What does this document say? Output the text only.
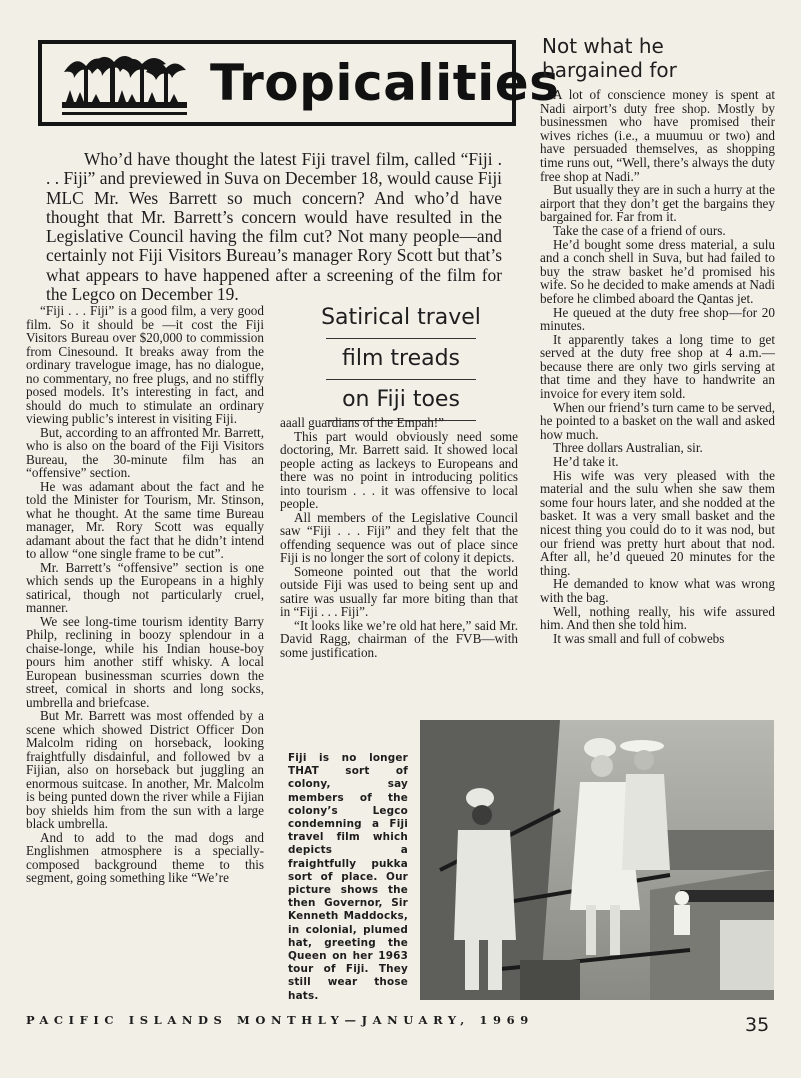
Tropicalities

Who’d have thought the latest Fiji travel film, called “Fiji . . . Fiji” and previewed in Suva on December 18, would cause Fiji MLC Mr. Wes Barrett so much concern? And who’d have thought that Mr. Barrett’s concern would have resulted in the Legislative Council having the film cut? Not many people—and certainly not Fiji Visitors Bureau’s manager Rory Scott but that’s what appears to have happened after a screening of the film for the Legco on December 19.

Not what he bargained for

A lot of conscience money is spent at Nadi airport’s duty free shop. Mostly by businessmen who have promised their wives riches (i.e., a muumuu or two) and have persuaded themselves, as shopping time runs out, “Well, there’s always the duty free shop at Nadi.”

But usually they are in such a hurry at the airport that they don’t get the bargains they bargained for. Far from it.

Take the case of a friend of ours.

He’d bought some dress material, a sulu and a conch shell in Suva, but had failed to buy the straw basket he’d promised his wife. So he decided to make amends at Nadi before he climbed aboard the Qantas jet.

He queued at the duty free shop—for 20 minutes.

It apparently takes a long time to get served at the duty free shop at 4 a.m.—because there are only two girls serving at that time and they have to handwrite an invoice for every item sold.

When our friend’s turn came to be served, he pointed to a basket on the wall and asked how much.

Three dollars Australian, sir.

He’d take it.

His wife was very pleased with the material and the sulu when she saw them some four hours later, and she nodded at the basket. It was a very small basket and the nicest thing you could do to it was nod, but our friend was pretty hurt about that nod. After all, he’d queued 20 minutes for the thing.

He demanded to know what was wrong with the bag.

Well, nothing really, his wife assured him. And then she told him.

It was small and full of cobwebs

“Fiji . . . Fiji” is a good film, a very good film. So it should be —it cost the Fiji Visitors Bureau over $20,000 to commission from Cinesound. It breaks away from the ordinary travelogue image, has no dialogue, no commentary, no free plugs, and no stiffly posed models. It’s interesting in fact, and should do much to stimulate an ordinary viewing public’s interest in visiting Fiji.

But, according to an affronted Mr. Barrett, who is also on the board of the Fiji Visitors Bureau, the 30-minute film has an “offensive” section.

He was adamant about the fact and he told the Minister for Tourism, Mr. Stinson, what he thought. At the same time Bureau manager, Mr. Rory Scott was equally adamant about the fact that he didn’t intend to allow “one single frame to be cut”.

Mr. Barrett’s “offensive” section is one which sends up the Europeans in a highly satirical, though not particularly cruel, manner.

We see long-time tourism identity Barry Philp, reclining in boozy splendour in a chaise-longe, while his Indian house-boy pours him another stiff whisky. A local European businessman scurries down the street, comical in shorts and long socks, umbrella and briefcase.

But Mr. Barrett was most offended by a scene which showed District Officer Don Malcolm riding on horseback, looking fraightfully disdainful, and followed bv a Fijian, also on horseback but juggling an enormous suitcase. In another, Mr. Malcolm is being punted down the river while a Fijian boy shields him from the sun with a large black umbrella.

And to add to the mad dogs and Englishmen atmosphere is a specially-composed background theme to this segment, going something like “We’re

Satirical travel
film treads
on Fiji toes

aaall guardians of the Empah!”

This part would obviously need some doctoring, Mr. Barrett said. It showed local people acting as lackeys to Europeans and there was no point in introducing politics into tourism . . . it was offensive to local people.

All members of the Legislative Council saw “Fiji . . . Fiji” and they felt that the offending sequence was out of place since Fiji is no longer the sort of colony it depicts.

Someone pointed out that the world outside Fiji was used to being sent up and satire was usually far more biting than that in “Fiji . . . Fiji”.

“It looks like we’re old hat here,” said Mr. David Ragg, chairman of the FVB—with some justification.

Fiji is no longer THAT sort of colony, say members of the colony’s Legco condemning a Fiji travel film which depicts a fraightfully pukka sort of place. Our picture shows the then Governor, Sir Kenneth Maddocks, in colonial, plumed hat, greeting the Queen on her 1963 tour of Fiji. They still wear those hats.

PACIFIC ISLANDS MONTHLY—JANUARY, 1969	35
